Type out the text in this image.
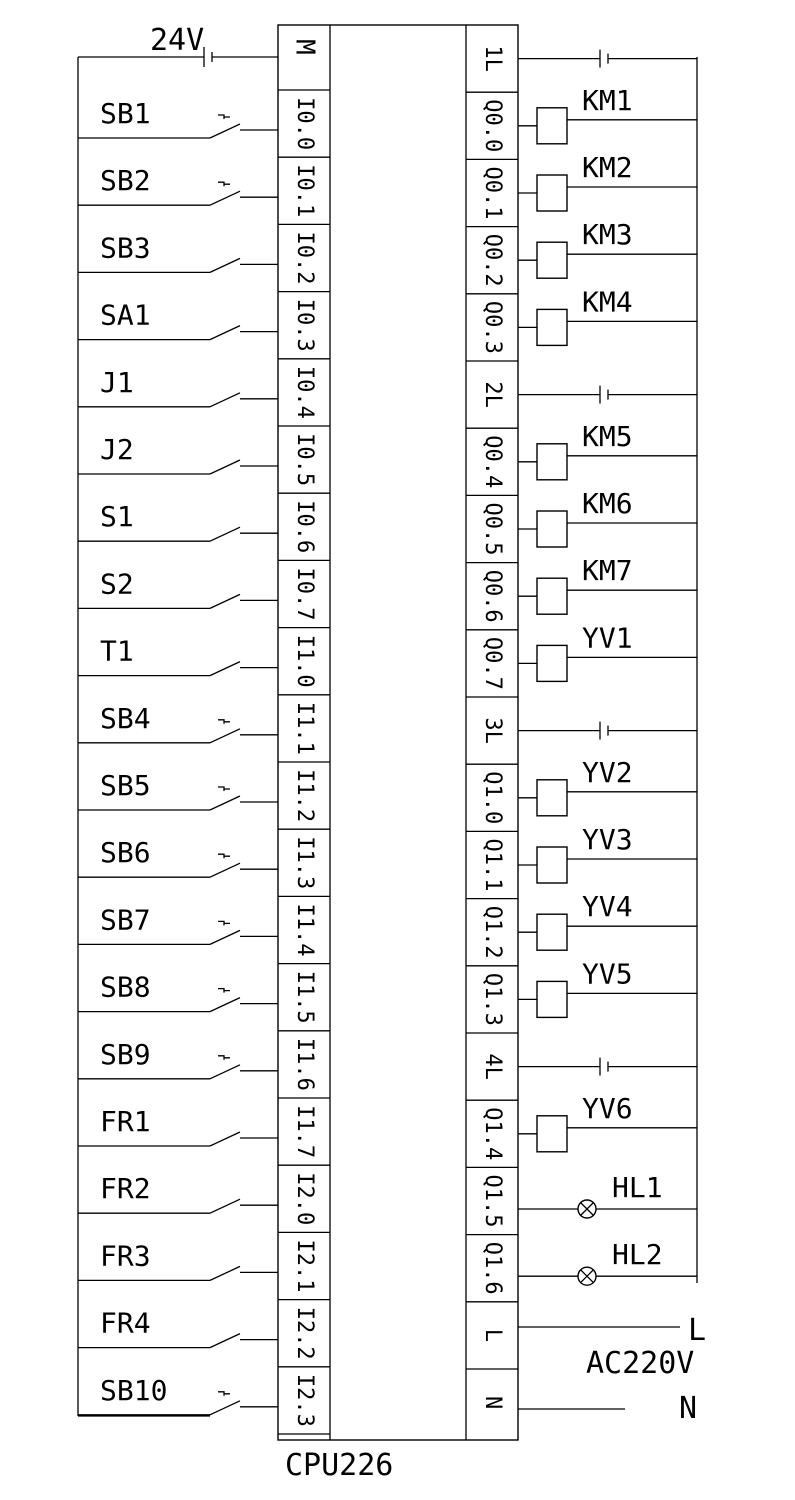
24V	M
I0.0
SB1
I0.1
SB2
I0.2
SB3
I0.3
SA1
I0.4
J1
I0.5
J2
I0.6
S1
I0.7
S2
I1.0
T1
I1.1
SB4
I1.2
SB5
I1.3
SB6
I1.4
SB7
I1.5
SB8
I1.6
SB9
I1.7
FR1
I2.0
FR2
I2.1
FR3
I2.2
FR4
I2.3
SB10
1L
Q0.0	KM1
Q0.1	KM2
Q0.2	KM3
Q0.3	KM4
2L
Q0.4	KM5
Q0.5	KM6
Q0.6	KM7
Q0.7	YV1
3L
Q1.0	YV2
Q1.1	YV3
Q1.2	YV4
Q1.3	YV5
4L
Q1.4	YV6
Q1.5	HL1
Q1.6	HL2
L
N
L
AC220V
N
CPU226
